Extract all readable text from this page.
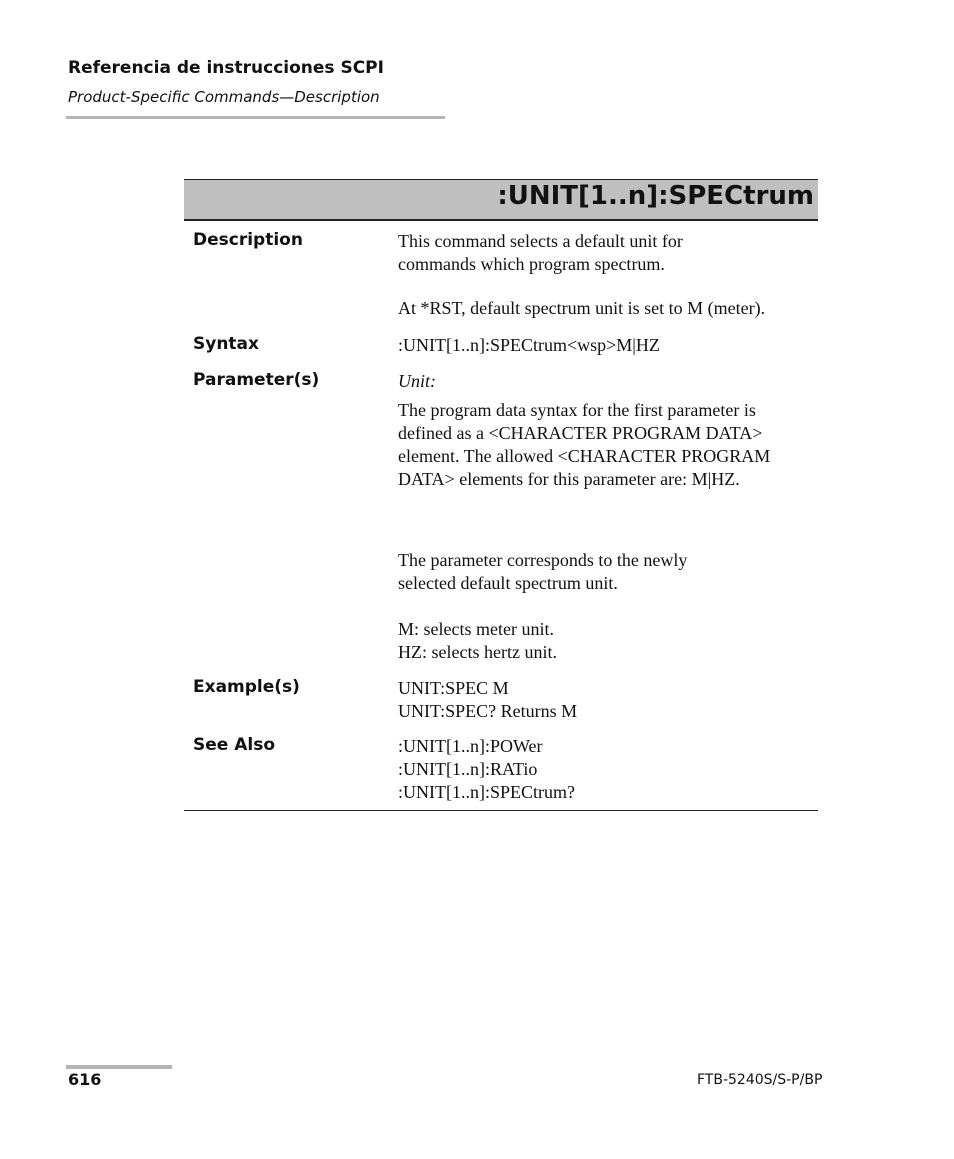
Referencia de instrucciones SCPI
Product-Specific Commands—Description
:UNIT[1..n]:SPECtrum
Description	This command selects a default unit for

commands which program spectrum.

At *RST, default spectrum unit is set to M (meter).

Syntax	:UNIT[1..n]:SPECtrum<wsp>M|HZ
Parameter(s)	Unit:

The program data syntax for the first parameter is

defined as a <CHARACTER PROGRAM DATA>

element. The allowed <CHARACTER PROGRAM

DATA> elements for this parameter are: M|HZ.

The parameter corresponds to the newly

selected default spectrum unit.

M: selects meter unit.

HZ: selects hertz unit.

Example(s)	UNIT:SPEC M

UNIT:SPEC? Returns M

See Also	:UNIT[1..n]:POWer

:UNIT[1..n]:RATio

:UNIT[1..n]:SPECtrum?

616	FTB-5240S/S-P/BP
